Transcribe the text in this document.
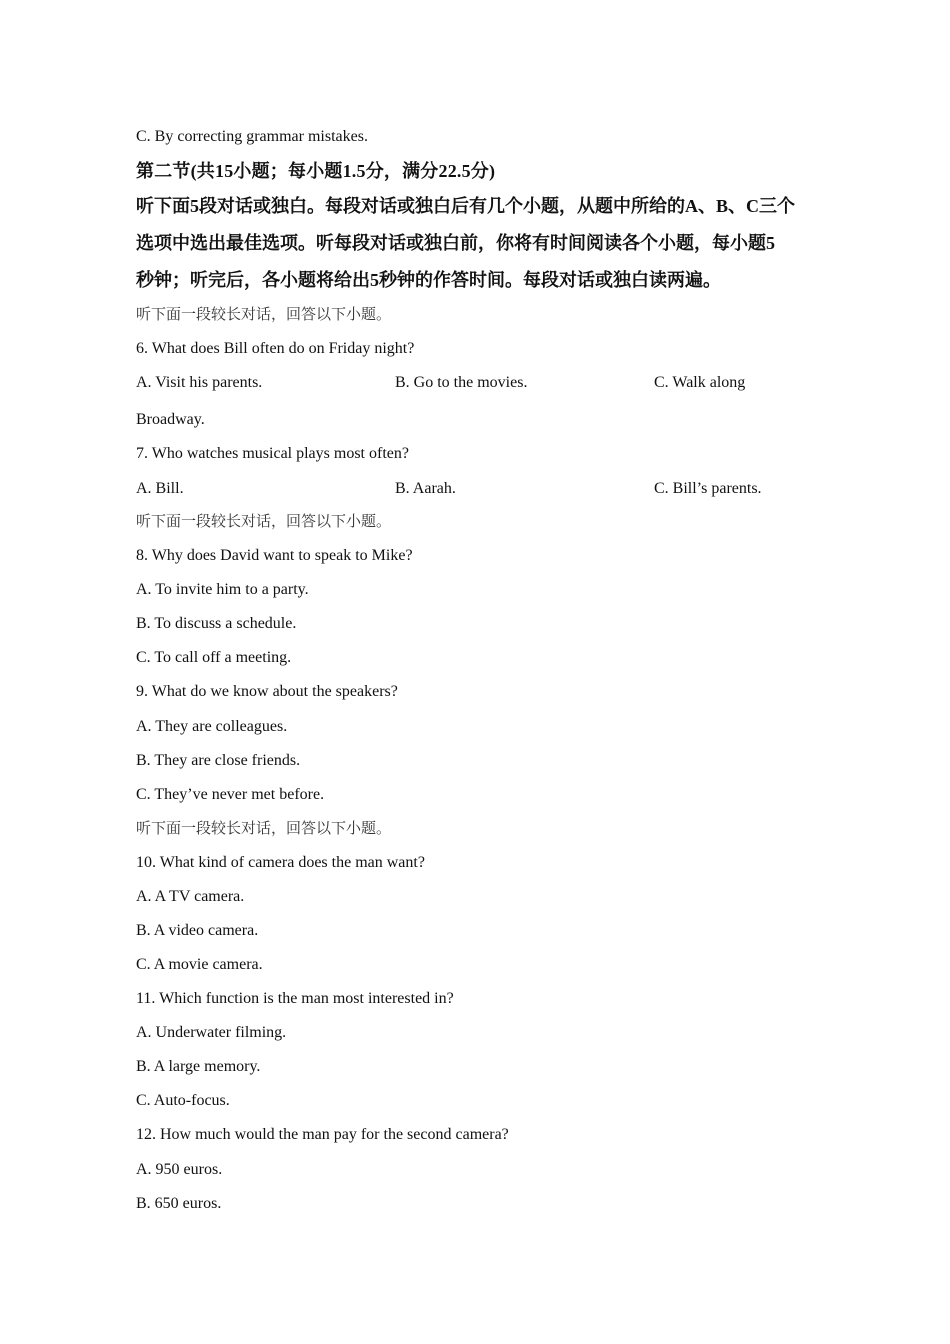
C. By correcting grammar mistakes.
第二节(共15小题；每小题1.5分，满分22.5分)
听下面5段对话或独白。每段对话或独白后有几个小题，从题中所给的A、B、C三个
选项中选出最佳选项。听每段对话或独白前，你将有时间阅读各个小题，每小题5
秒钟；听完后，各小题将给出5秒钟的作答时间。每段对话或独白读两遍。
听下面一段较长对话，回答以下小题。
6. What does Bill often do on Friday night?
A. Visit his parents.	B. Go to the movies.	C. Walk along
Broadway.
7. Who watches musical plays most often?
A. Bill.	B. Aarah.	C. Bill’s parents.
听下面一段较长对话，回答以下小题。
8. Why does David want to speak to Mike?
A. To invite him to a party.
B. To discuss a schedule.
C. To call off a meeting.
9. What do we know about the speakers?
A. They are colleagues.
B. They are close friends.
C. They’ve never met before.
听下面一段较长对话，回答以下小题。
10. What kind of camera does the man want?
A. A TV camera.
B. A video camera.
C. A movie camera.
11. Which function is the man most interested in?
A. Underwater filming.
B. A large memory.
C. Auto-focus.
12. How much would the man pay for the second camera?
A. 950 euros.
B. 650 euros.
